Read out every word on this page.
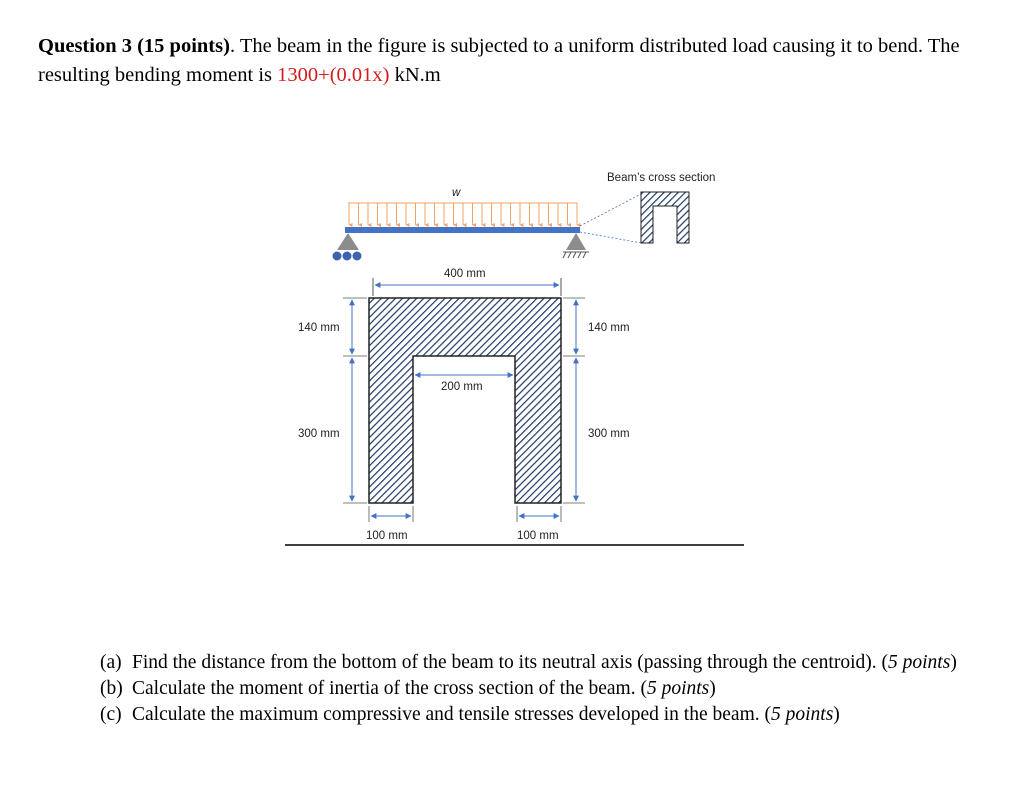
Question 3 (15 points). The beam in the figure is subjected to a uniform distributed load causing it to bend. The resulting bending moment is 1300+(0.01x) kN.m
w
Beam’s cross section
400 mm
140 mm
300 mm
140 mm
300 mm
200 mm
100 mm	100 mm
(a) Find the distance from the bottom of the beam to its neutral axis (passing through the centroid). (5 points)
(b) Calculate the moment of inertia of the cross section of the beam. (5 points)
(c) Calculate the maximum compressive and tensile stresses developed in the beam. (5 points)
